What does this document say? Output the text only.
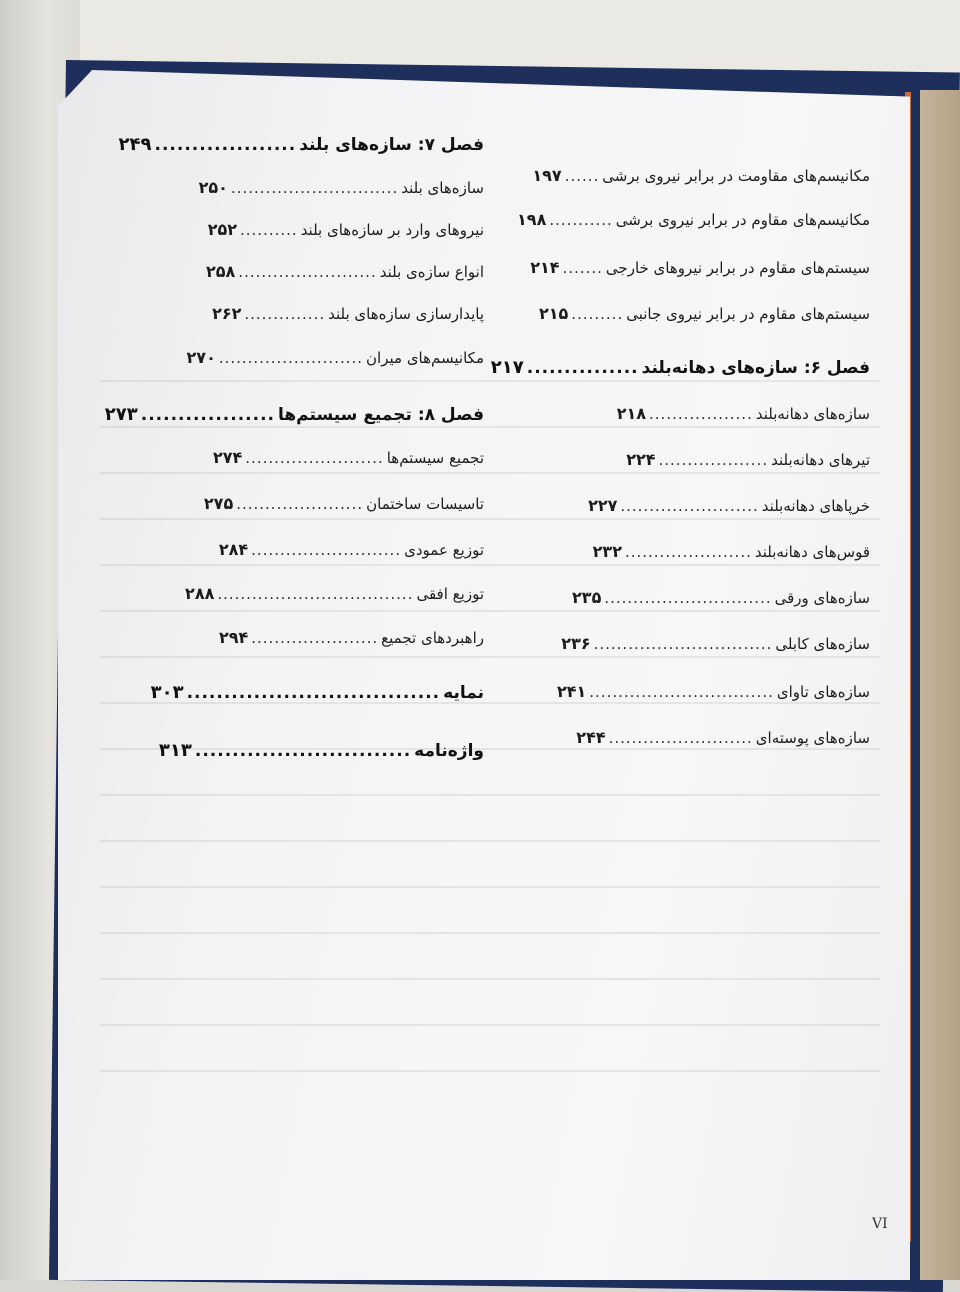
مکانیسم‌های مقاومت در برابر نیروی برشی
......
۱۹۷
مکانیسم‌های مقاوم در برابر نیروی برشی
...........
۱۹۸
سیستم‌های مقاوم در برابر نیروهای خارجی
.......
۲۱۴
سیستم‌های مقاوم در برابر نیروی جانبی
.........
۲۱۵
فصل ۶: سازه‌های دهانه‌بلند
...............
۲۱۷
سازه‌های دهانه‌بلند
..................
۲۱۸
تیرهای دهانه‌بلند
...................
۲۲۴
خرپاهای دهانه‌بلند
........................
۲۲۷
قوس‌های دهانه‌بلند
......................
۲۳۲
سازه‌های ورقی
.............................
۲۳۵
سازه‌های کابلی
...............................
۲۳۶
سازه‌های تاوای
................................
۲۴۱
سازه‌های پوسته‌ای
.........................
۲۴۴
فصل ۷: سازه‌های بلند
...................
۲۴۹
سازه‌های بلند
.............................
۲۵۰
نیروهای وارد بر سازه‌های بلند
..........
۲۵۲
انواع سازه‌ی بلند
........................
۲۵۸
پایدارسازی سازه‌های بلند
..............
۲۶۲
مکانیسم‌های میران
.........................
۲۷۰
فصل ۸: تجمیع سیستم‌ها
..................
۲۷۳
تجمیع سیستم‌ها
........................
۲۷۴
تاسیسات ساختمان
......................
۲۷۵
توزیع عمودی
..........................
۲۸۴
توزیع افقی
..................................
۲۸۸
راهبردهای تجمیع
......................
۲۹۴
نمایه
..................................
۳۰۳
واژه‌نامه
.............................
۳۱۳
VI
